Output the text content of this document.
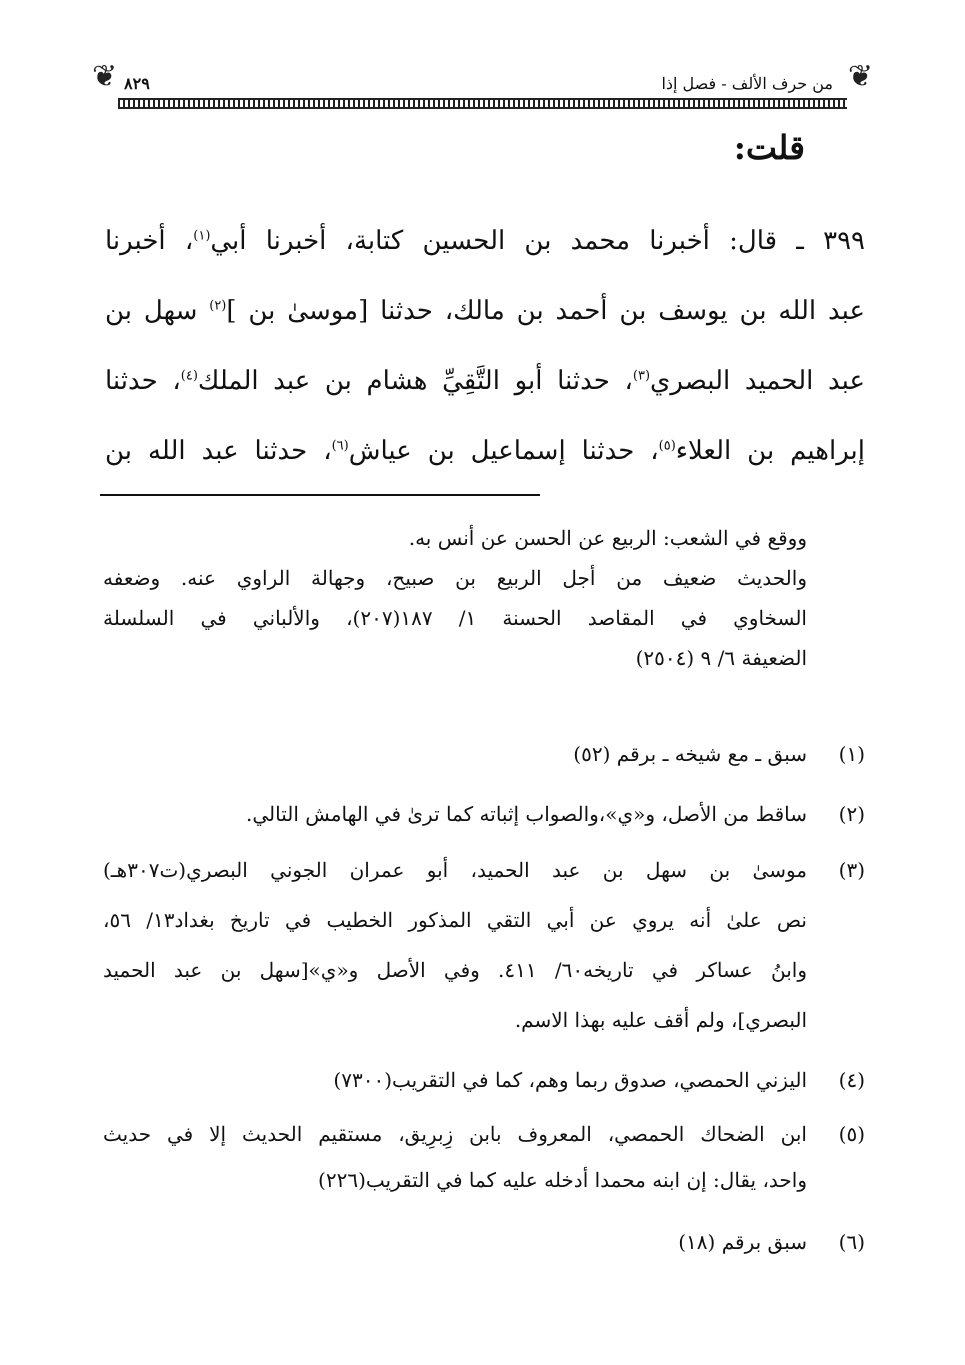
❦
من حرف الألف - فصل إذا
٨٢٩
❦
قلت:
٣٩٩ ـ قال: أخبرنا محمد بن الحسين كتابة، أخبرنا أبي$^{(١)}$، أخبرنا
عبد الله بن يوسف بن أحمد بن مالك، حدثنا [موسىٰ بن ]$^{(٢)}$ سهل بن
عبد الحميد البصري$^{(٣)}$، حدثنا أبو التَّقِيِّ هشام بن عبد الملك$^{(٤)}$، حدثنا
إبراهيم بن العلاء$^{(٥)}$، حدثنا إسماعيل بن عياش$^{(٦)}$، حدثنا عبد الله بن
ووقع في الشعب: الربيع عن الحسن عن أنس به.
والحديث ضعيف من أجل الربيع بن صبيح، وجهالة الراوي عنه. وضعفه
السخاوي في المقاصد الحسنة ١/ ١٨٧(٢٠٧)، والألباني في السلسلة
الضعيفة ٦/ ٩ (٢٥٠٤)
(١)
سبق ـ مع شيخه ـ برقم (٥٢)
(٢)
ساقط من الأصل، و«ي»،والصواب إثباته كما ترىٰ في الهامش التالي.
(٣)
موسىٰ بن سهل بن عبد الحميد، أبو عمران الجوني البصري(ت٣٠٧هـ)
نص علىٰ أنه يروي عن أبي التقي المذكور الخطيب في تاريخ بغداد١٣/ ٥٦،
وابنُ عساكر في تاريخه٦٠/ ٤١١. وفي الأصل و«ي»[سهل بن عبد الحميد
البصري]، ولم أقف عليه بهذا الاسم.
(٤)
اليزني الحمصي، صدوق ربما وهم، كما في التقريب(٧٣٠٠)
(٥)
ابن الضحاك الحمصي، المعروف بابن زِبرِيق، مستقيم الحديث إلا في حديث
واحد، يقال: إن ابنه محمدا أدخله عليه كما في التقريب(٢٢٦)
(٦)
سبق برقم (١٨)
